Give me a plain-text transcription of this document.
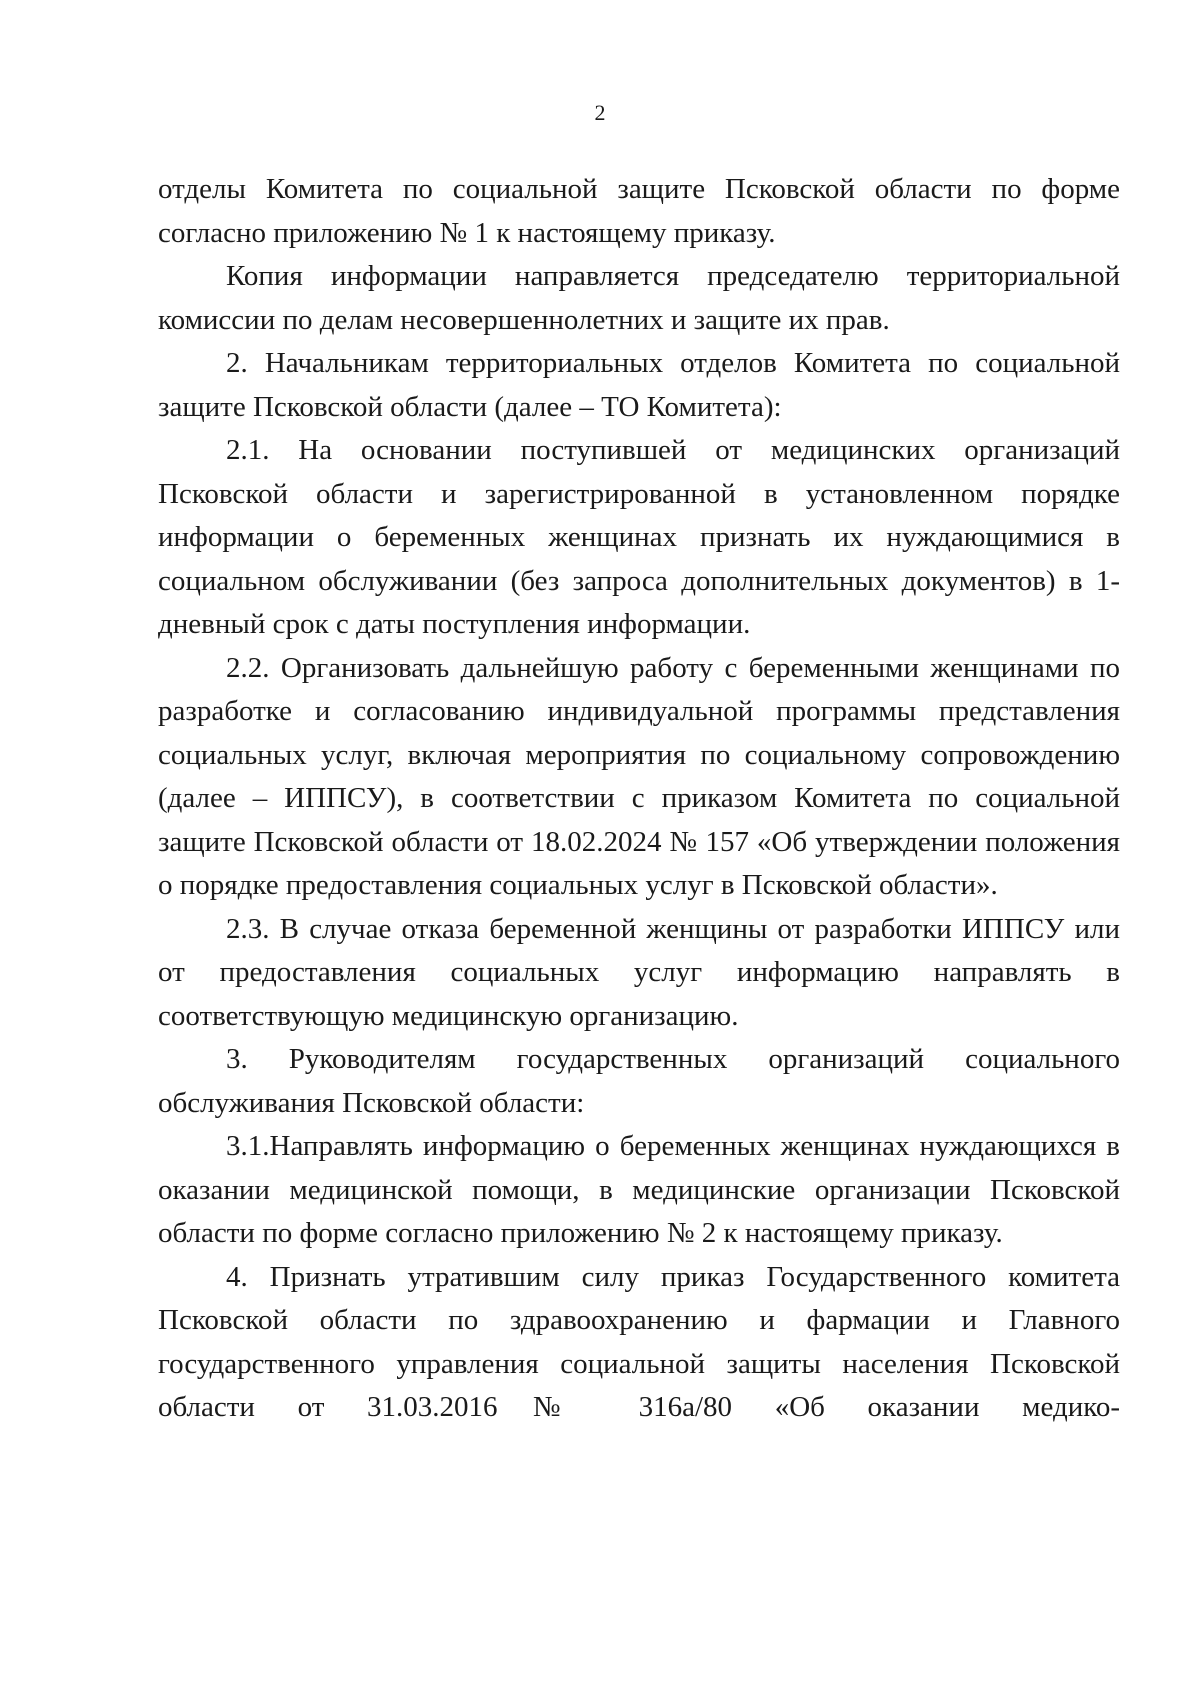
2

отделы Комитета по социальной защите Псковской области по форме согласно приложению № 1 к настоящему приказу.

Копия информации направляется председателю территориальной комиссии по делам несовершеннолетних и защите их прав.

2. Начальникам территориальных отделов Комитета по социальной защите Псковской области (далее – ТО Комитета):

2.1. На основании поступившей от медицинских организаций Псковской области и зарегистрированной в установленном порядке информации о беременных женщинах признать их нуждающимися в социальном обслуживании (без запроса дополнительных документов) в 1-дневный срок с даты поступления информации.

2.2. Организовать дальнейшую работу с беременными женщинами по разработке и согласованию индивидуальной программы представления социальных услуг, включая мероприятия по социальному сопровождению (далее – ИППСУ), в соответствии с приказом Комитета по социальной защите Псковской области от 18.02.2024 № 157 «Об утверждении положения о порядке предоставления социальных услуг в Псковской области».

2.3. В случае отказа беременной женщины от разработки ИППСУ или от предоставления социальных услуг информацию направлять в соответствующую медицинскую организацию.

3. Руководителям государственных организаций социального обслуживания Псковской области:

3.1.Направлять информацию о беременных женщинах нуждающихся в оказании медицинской помощи, в медицинские организации Псковской области по форме согласно приложению № 2 к настоящему приказу.

4. Признать утратившим силу приказ Государственного комитета Псковской области по здравоохранению и фармации и Главного государственного управления социальной защиты населения Псковской области от 31.03.2016№ 316а/80 «Об оказании медико-
